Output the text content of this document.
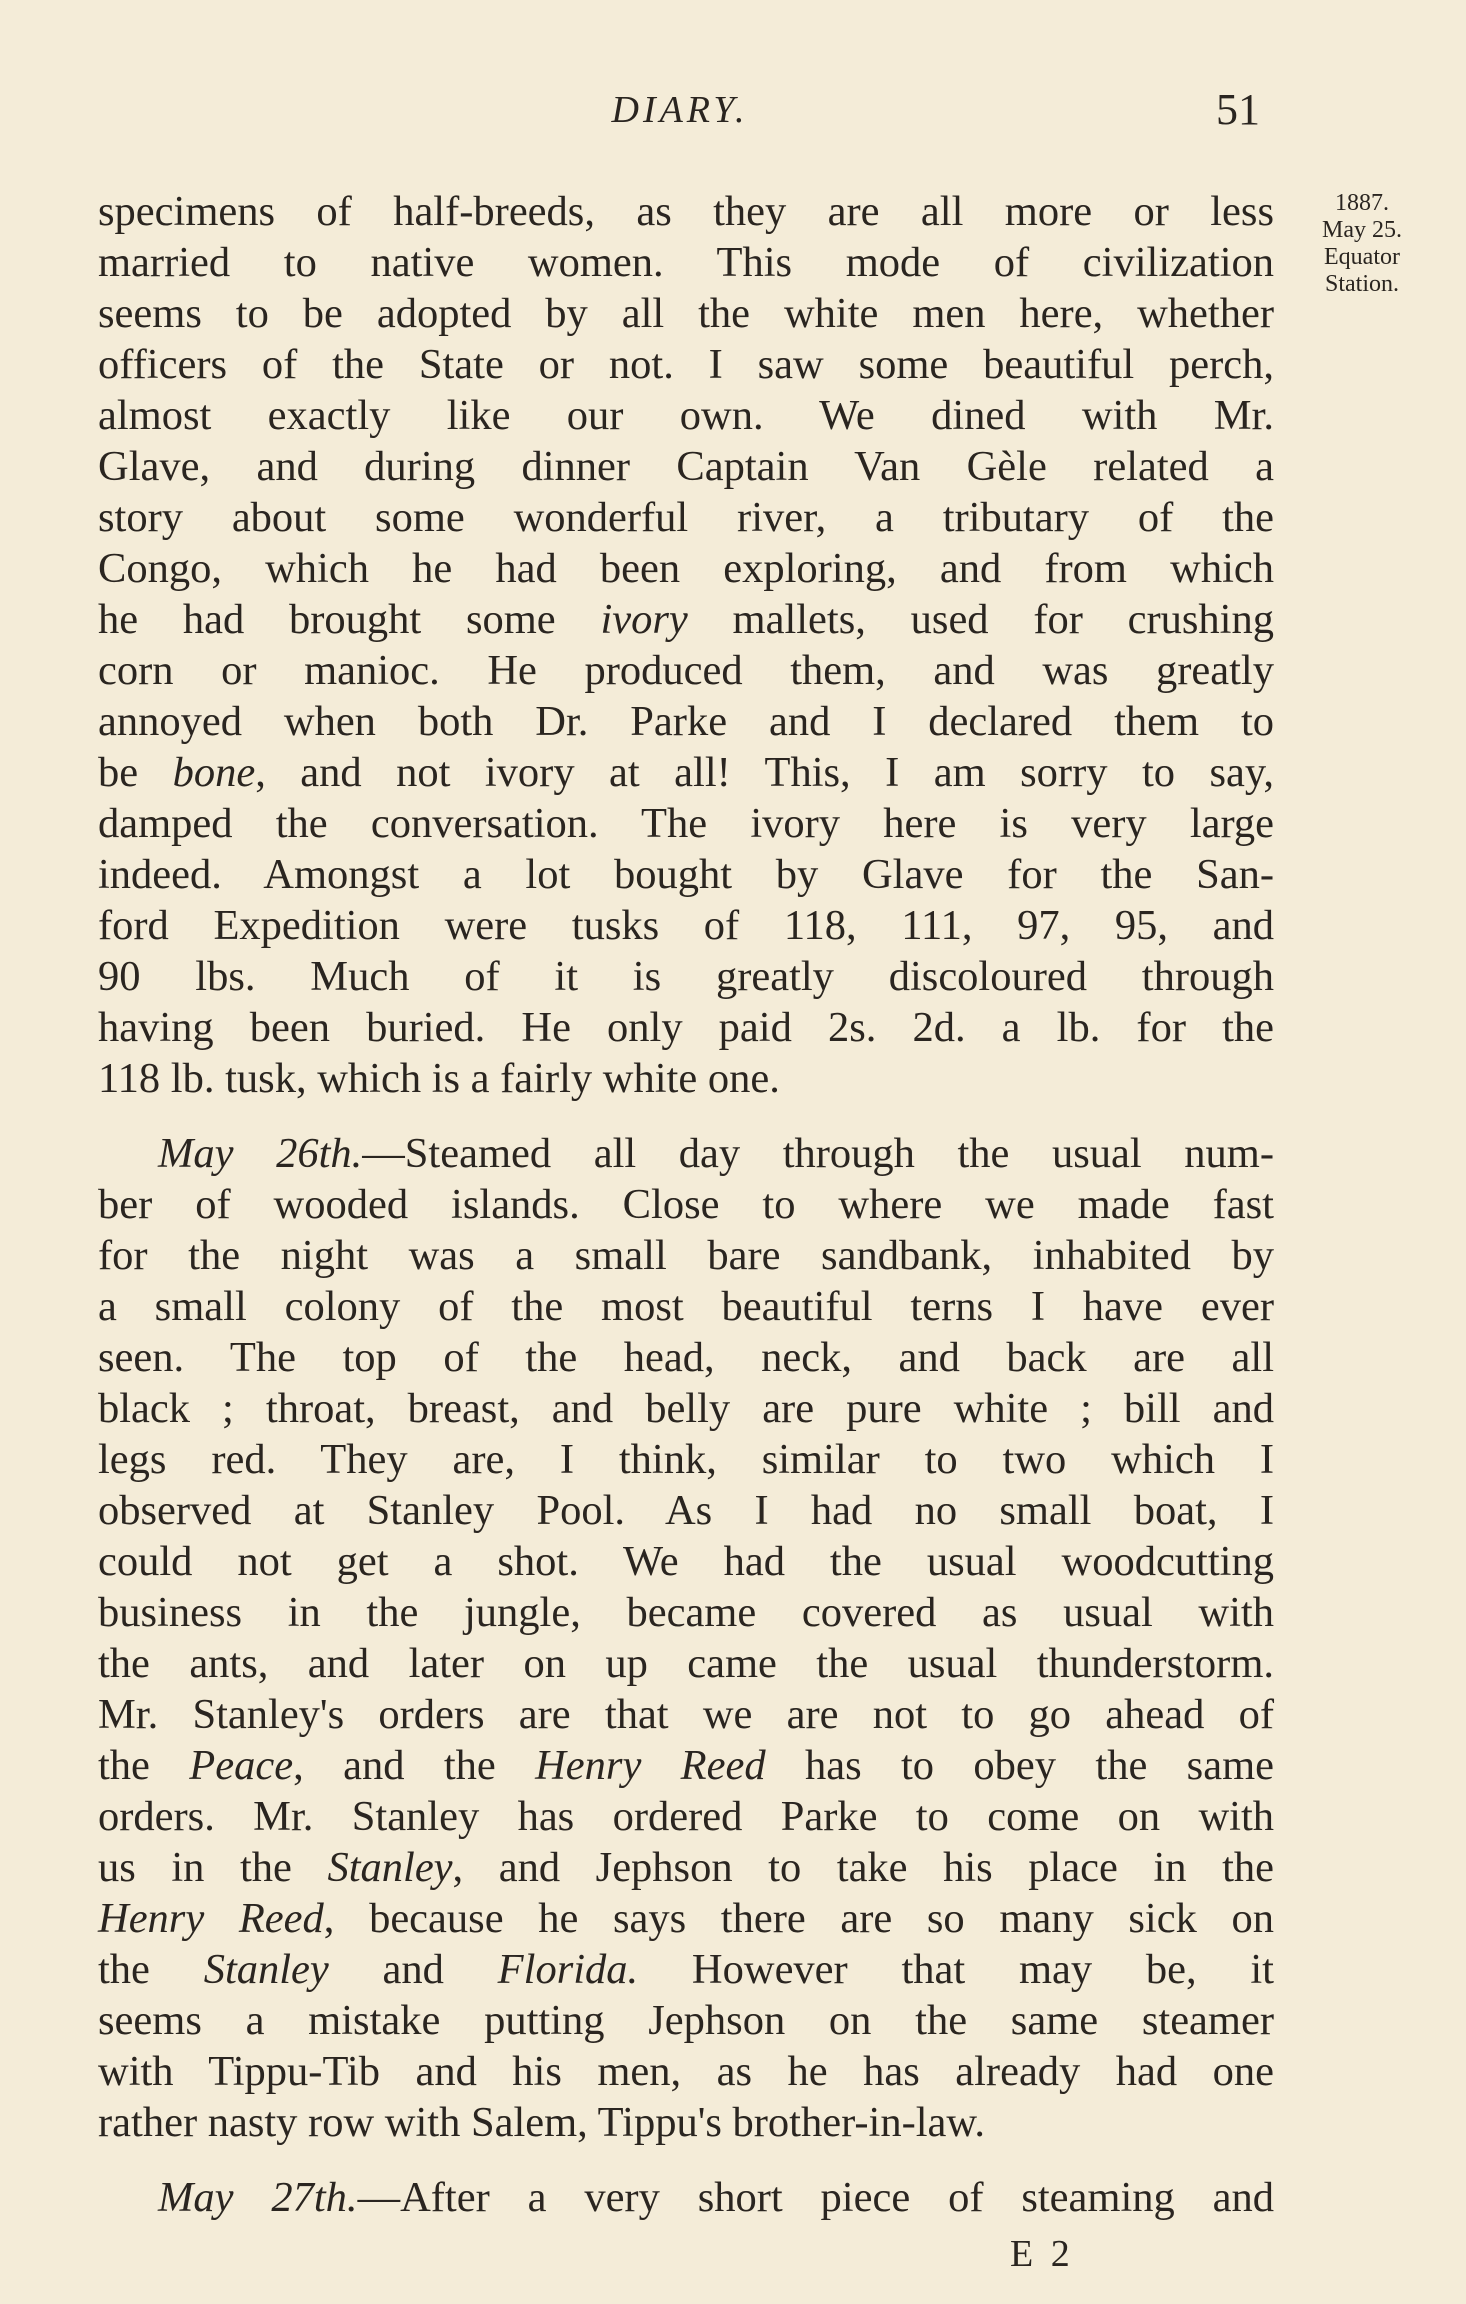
DIARY.	51
1887.
May 25.
Equator
Station.
specimens of half-breeds, as they are all more or less
married to native women. This mode of civilization
seems to be adopted by all the white men here, whether
officers of the State or not. I saw some beautiful perch,
almost exactly like our own. We dined with Mr.
Glave, and during dinner Captain Van Gèle related a
story about some wonderful river, a tributary of the
Congo, which he had been exploring, and from which
he had brought some ivory mallets, used for crushing
corn or manioc. He produced them, and was greatly
annoyed when both Dr. Parke and I declared them to
be bone, and not ivory at all! This, I am sorry to say,
damped the conversation. The ivory here is very large
indeed. Amongst a lot bought by Glave for the San-
ford Expedition were tusks of 118, 111, 97, 95, and
90 lbs. Much of it is greatly discoloured through
having been buried. He only paid 2s. 2d. a lb. for the
118 lb. tusk, which is a fairly white one.
May 26th.—Steamed all day through the usual num-
ber of wooded islands. Close to where we made fast
for the night was a small bare sandbank, inhabited by
a small colony of the most beautiful terns I have ever
seen. The top of the head, neck, and back are all
black ; throat, breast, and belly are pure white ; bill and
legs red. They are, I think, similar to two which I
observed at Stanley Pool. As I had no small boat, I
could not get a shot. We had the usual woodcutting
business in the jungle, became covered as usual with
the ants, and later on up came the usual thunderstorm.
Mr. Stanley's orders are that we are not to go ahead of
the Peace, and the Henry Reed has to obey the same
orders. Mr. Stanley has ordered Parke to come on with
us in the Stanley, and Jephson to take his place in the
Henry Reed, because he says there are so many sick on
the Stanley and Florida. However that may be, it
seems a mistake putting Jephson on the same steamer
with Tippu-Tib and his men, as he has already had one
rather nasty row with Salem, Tippu's brother-in-law.
May 27th.—After a very short piece of steaming and
E 2
